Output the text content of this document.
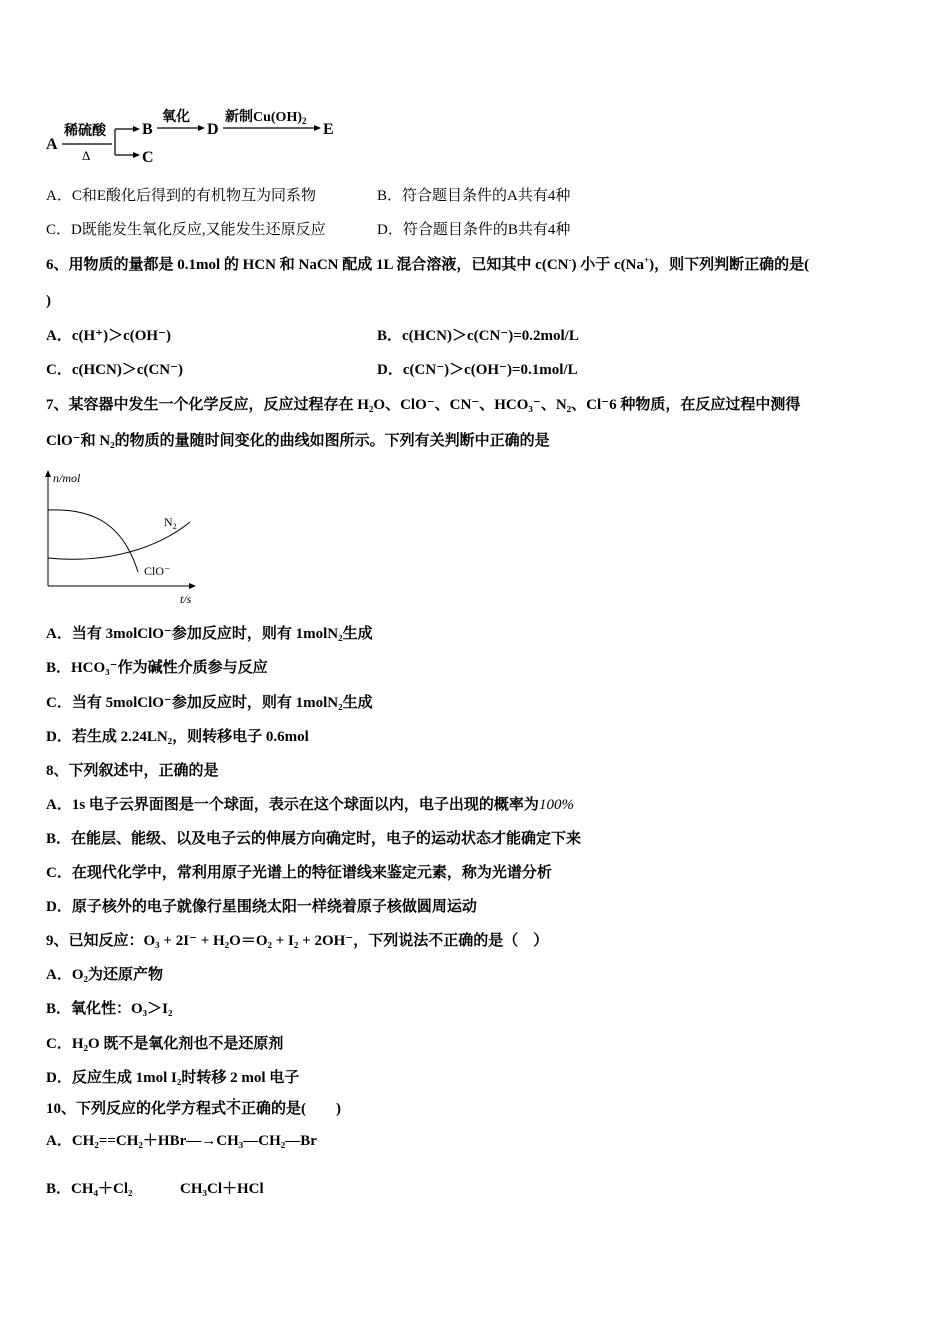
A
稀硫酸
Δ
B
C
氧化
D
新制$Cu(OH)_2$ E
A．C和E酸化后得到的有机物互为同系物	B．符合题目条件的A共有4种
C．D既能发生氧化反应,又能发生还原反应	D．符合题目条件的B共有4种
6、用物质的量都是 0.1mol 的 HCN 和 NaCN 配成 1L 混合溶液，已知其中 c(CN-) 小于 c(Na+)，则下列判断正确的是(
)
A．c(H⁺)＞c(OH⁻)	B．c(HCN)＞c(CN⁻)=0.2mol/L
C．c(HCN)＞c(CN⁻)	D．c(CN⁻)＞c(OH⁻)=0.1mol/L
7、某容器中发生一个化学反应，反应过程存在 H₂O、ClO⁻、CN⁻、HCO₃⁻、N₂、Cl⁻6 种物质，在反应过程中测得
ClO⁻和 N₂的物质的量随时间变化的曲线如图所示。下列有关判断中正确的是
n/mol
t/s
$N_2$
ClO⁻
A．当有 3molClO⁻参加反应时，则有 1molN₂生成
B．HCO₃⁻作为碱性介质参与反应
C．当有 5molClO⁻参加反应时，则有 1molN₂生成
D．若生成 2.24LN₂，则转移电子 0.6mol
8、下列叙述中，正确的是
A．1s 电子云界面图是一个球面，表示在这个球面以内，电子出现的概率为100%
B．在能层、能级、以及电子云的伸展方向确定时，电子的运动状态才能确定下来
C．在现代化学中，常利用原子光谱上的特征谱线来鉴定元素，称为光谱分析
D．原子核外的电子就像行星围绕太阳一样绕着原子核做圆周运动
9、已知反应：O₃ + 2I⁻ + H₂O＝O₂ + I₂ + 2OH⁻，下列说法不正确的是（　）
A．O₂为还原产物
B．氧化性：O₃＞I₂
C．H₂O 既不是氧化剂也不是还原剂
D．反应生成 1mol I₂时转移 2 mol 电子
10、下列反应的化学方程式不正确的是(　　)
A．CH₂==CH₂＋HBr—→CH₃—CH₂—Br
B．CH₄＋Cl₂	CH₃Cl＋HCl
